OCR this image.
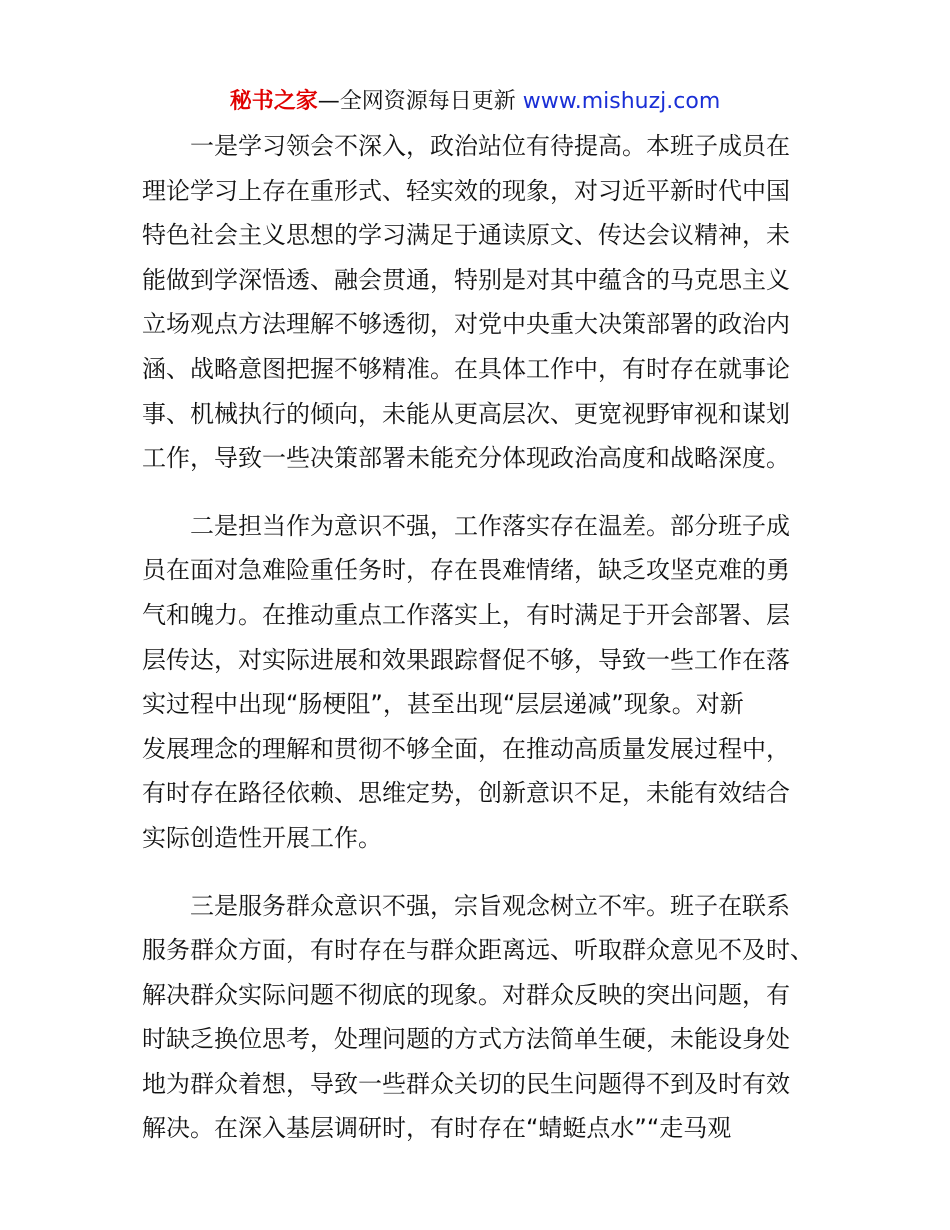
秘书之家—全网资源每日更新 www.mishuzj.com
一是学习领会不深入，政治站位有待提高。本班子成员在
理论学习上存在重形式、轻实效的现象，对习近平新时代中国
特色社会主义思想的学习满足于通读原文、传达会议精神，未
能做到学深悟透、融会贯通，特别是对其中蕴含的马克思主义
立场观点方法理解不够透彻，对党中央重大决策部署的政治内
涵、战略意图把握不够精准。在具体工作中，有时存在就事论
事、机械执行的倾向，未能从更高层次、更宽视野审视和谋划
工作，导致一些决策部署未能充分体现政治高度和战略深度。
二是担当作为意识不强，工作落实存在温差。部分班子成
员在面对急难险重任务时，存在畏难情绪，缺乏攻坚克难的勇
气和魄力。在推动重点工作落实上，有时满足于开会部署、层
层传达，对实际进展和效果跟踪督促不够，导致一些工作在落
实过程中出现“肠梗阻”，甚至出现“层层递减”现象。对新
发展理念的理解和贯彻不够全面，在推动高质量发展过程中，
有时存在路径依赖、思维定势，创新意识不足，未能有效结合
实际创造性开展工作。
三是服务群众意识不强，宗旨观念树立不牢。班子在联系
服务群众方面，有时存在与群众距离远、听取群众意见不及时、
解决群众实际问题不彻底的现象。对群众反映的突出问题，有
时缺乏换位思考，处理问题的方式方法简单生硬，未能设身处
地为群众着想，导致一些群众关切的民生问题得不到及时有效
解决。在深入基层调研时，有时存在“蜻蜓点水”“走马观
